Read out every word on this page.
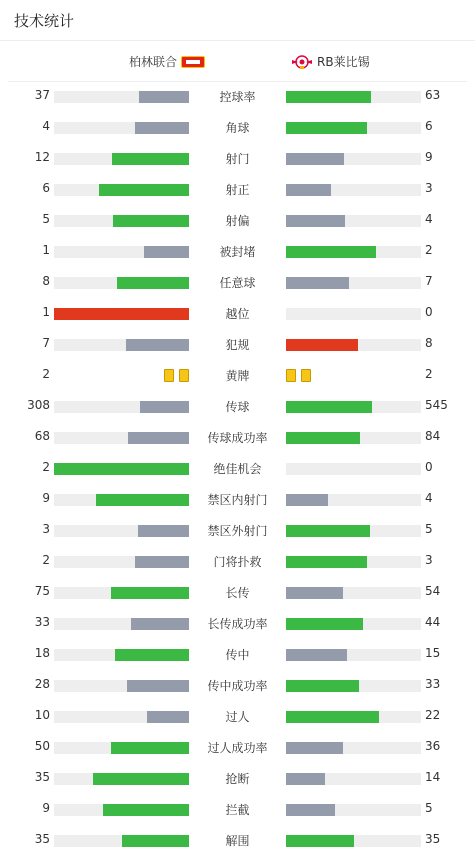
技术统计
柏林联合	RB莱比锡
37	控球率	63
4	角球	6
12	射门	9
6	射正	3
5	射偏	4
1	被封堵	2
8	任意球	7
1	越位	0
7	犯规	8
2	黄牌	2
308	传球	545
68	传球成功率	84
2	绝佳机会	0
9	禁区内射门	4
3	禁区外射门	5
2	门将扑救	3
75	长传	54
33	长传成功率	44
18	传中	15
28	传中成功率	33
10	过人	22
50	过人成功率	36
35	抢断	14
9	拦截	5
35	解围	35
